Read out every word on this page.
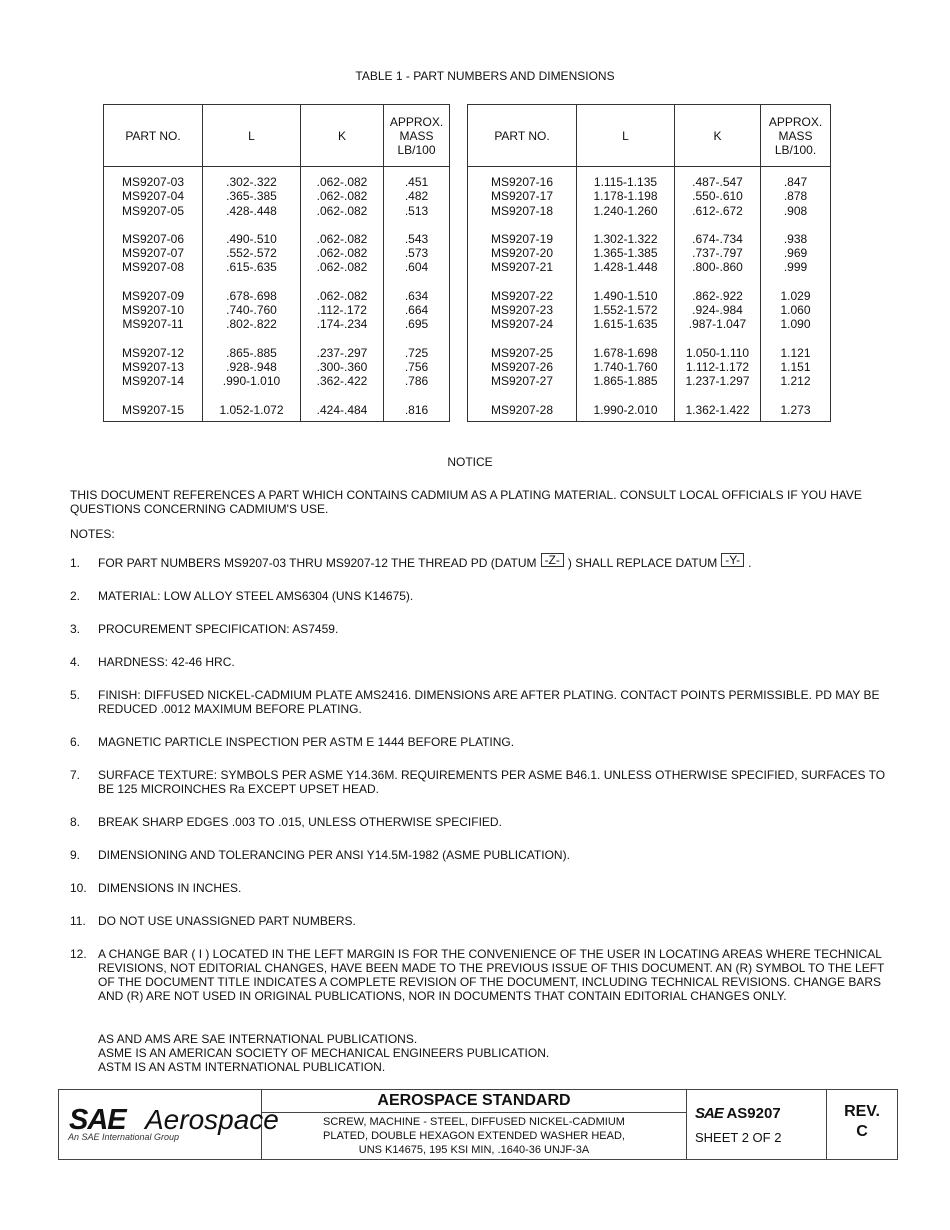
TABLE 1 - PART NUMBERS AND DIMENSIONS
PART NO.	L	K	APPROX.
MASS
LB/100

MS9207-03	.302-.322	.062-.082	.451
MS9207-04	.365-.385	.062-.082	.482
MS9207-05	.428-.448	.062-.082	.513

MS9207-06	.490-.510	.062-.082	.543
MS9207-07	.552-.572	.062-.082	.573
MS9207-08	.615-.635	.062-.082	.604

MS9207-09	.678-.698	.062-.082	.634
MS9207-10	.740-.760	.112-.172	.664
MS9207-11	.802-.822	.174-.234	.695

MS9207-12	.865-.885	.237-.297	.725
MS9207-13	.928-.948	.300-.360	.756
MS9207-14	.990-1.010	.362-.422	.786

MS9207-15	1.052-1.072	.424-.484	.816
PART NO.	L	K	APPROX.
MASS
LB/100.

MS9207-16	1.115-1.135	.487-.547	.847
MS9207-17	1.178-1.198	.550-.610	.878
MS9207-18	1.240-1.260	.612-.672	.908

MS9207-19	1.302-1.322	.674-.734	.938
MS9207-20	1.365-1.385	.737-.797	.969
MS9207-21	1.428-1.448	.800-.860	.999

MS9207-22	1.490-1.510	.862-.922	1.029
MS9207-23	1.552-1.572	.924-.984	1.060
MS9207-24	1.615-1.635	.987-1.047	1.090

MS9207-25	1.678-1.698	1.050-1.110	1.121
MS9207-26	1.740-1.760	1.112-1.172	1.151
MS9207-27	1.865-1.885	1.237-1.297	1.212

MS9207-28	1.990-2.010	1.362-1.422	1.273
NOTICE
THIS DOCUMENT REFERENCES A PART WHICH CONTAINS CADMIUM AS A PLATING MATERIAL. CONSULT LOCAL OFFICIALS IF YOU HAVE QUESTIONS CONCERNING CADMIUM'S USE.
NOTES:
1. FOR PART NUMBERS MS9207-03 THRU MS9207-12 THE THREAD PD (DATUM -Z- ) SHALL REPLACE DATUM -Y- .
2. MATERIAL: LOW ALLOY STEEL AMS6304 (UNS K14675).
3. PROCUREMENT SPECIFICATION: AS7459.
4. HARDNESS: 42-46 HRC.
5. FINISH: DIFFUSED NICKEL-CADMIUM PLATE AMS2416. DIMENSIONS ARE AFTER PLATING. CONTACT POINTS PERMISSIBLE. PD MAY BE REDUCED .0012 MAXIMUM BEFORE PLATING.
6. MAGNETIC PARTICLE INSPECTION PER ASTM E 1444 BEFORE PLATING.
7. SURFACE TEXTURE: SYMBOLS PER ASME Y14.36M. REQUIREMENTS PER ASME B46.1. UNLESS OTHERWISE SPECIFIED, SURFACES TO BE 125 MICROINCHES Ra EXCEPT UPSET HEAD.
8. BREAK SHARP EDGES .003 TO .015, UNLESS OTHERWISE SPECIFIED.
9. DIMENSIONING AND TOLERANCING PER ANSI Y14.5M-1982 (ASME PUBLICATION).
10. DIMENSIONS IN INCHES.
11. DO NOT USE UNASSIGNED PART NUMBERS.
12. A CHANGE BAR ( I ) LOCATED IN THE LEFT MARGIN IS FOR THE CONVENIENCE OF THE USER IN LOCATING AREAS WHERE TECHNICAL REVISIONS, NOT EDITORIAL CHANGES, HAVE BEEN MADE TO THE PREVIOUS ISSUE OF THIS DOCUMENT. AN (R) SYMBOL TO THE LEFT OF THE DOCUMENT TITLE INDICATES A COMPLETE REVISION OF THE DOCUMENT, INCLUDING TECHNICAL REVISIONS. CHANGE BARS AND (R) ARE NOT USED IN ORIGINAL PUBLICATIONS, NOR IN DOCUMENTS THAT CONTAIN EDITORIAL CHANGES ONLY.
AS AND AMS ARE SAE INTERNATIONAL PUBLICATIONS.
ASME IS AN AMERICAN SOCIETY OF MECHANICAL ENGINEERS PUBLICATION.
ASTM IS AN ASTM INTERNATIONAL PUBLICATION.
SAE Aerospace
An SAE International Group
AEROSPACE STANDARD
SCREW, MACHINE - STEEL, DIFFUSED NICKEL-CADMIUM
PLATED, DOUBLE HEXAGON EXTENDED WASHER HEAD,
UNS K14675, 195 KSI MIN, .1640-36 UNJF-3A
SAE AS9207
SHEET 2 OF 2
REV.
C
